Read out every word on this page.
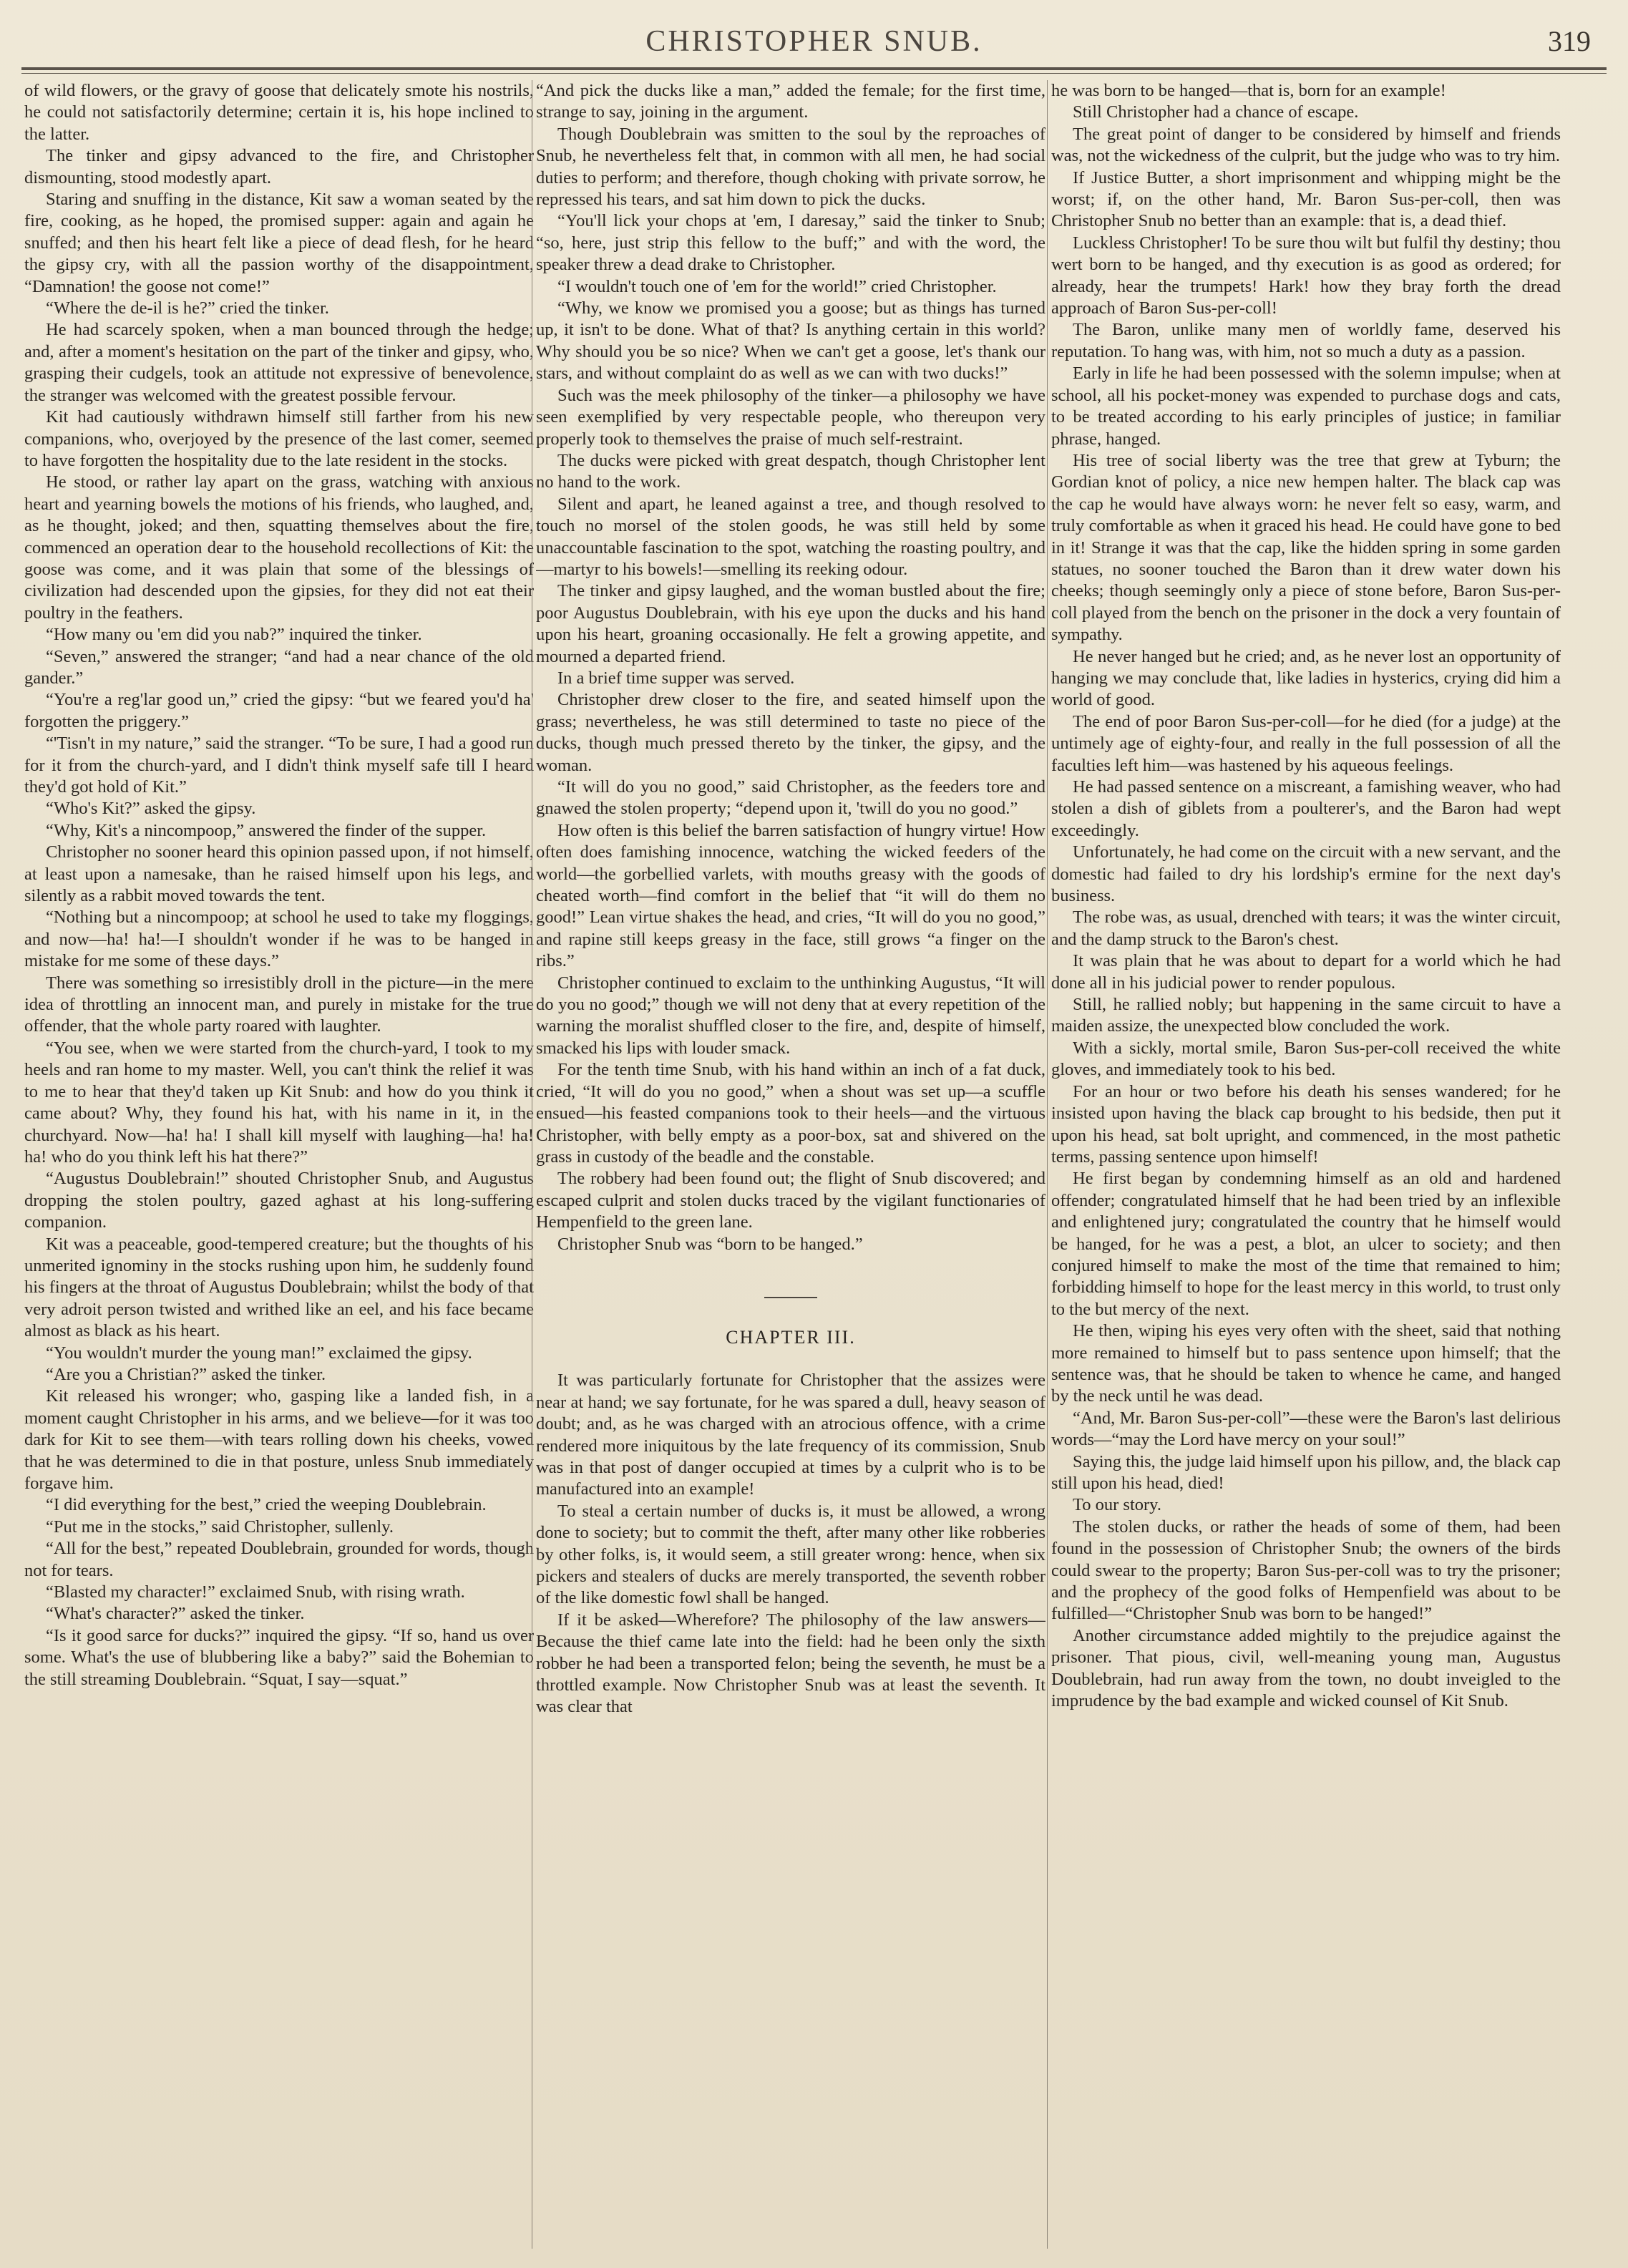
CHRISTOPHER SNUB.	319

of wild flowers, or the gravy of goose that delicately smote his nostrils, he could not satisfactorily determine; certain it is, his hope inclined to the latter.

The tinker and gipsy advanced to the fire, and Christopher dismounting, stood modestly apart.

Staring and snuffing in the distance, Kit saw a woman seated by the fire, cooking, as he hoped, the promised supper: again and again he snuffed; and then his heart felt like a piece of dead flesh, for he heard the gipsy cry, with all the passion worthy of the disappointment, “Damnation! the goose not come!”

“Where the de-il is he?” cried the tinker.

He had scarcely spoken, when a man bounced through the hedge; and, after a moment's hesitation on the part of the tinker and gipsy, who, grasping their cudgels, took an attitude not expressive of benevolence, the stranger was welcomed with the greatest possible fervour.

Kit had cautiously withdrawn himself still farther from his new companions, who, overjoyed by the presence of the last comer, seemed to have forgotten the hospitality due to the late resident in the stocks.

He stood, or rather lay apart on the grass, watching with anxious heart and yearning bowels the motions of his friends, who laughed, and, as he thought, joked; and then, squatting themselves about the fire, commenced an operation dear to the household recollections of Kit: the goose was come, and it was plain that some of the blessings of civilization had descended upon the gipsies, for they did not eat their poultry in the feathers.

“How many ou 'em did you nab?” inquired the tinker.

“Seven,” answered the stranger; “and had a near chance of the old gander.”

“You're a reg'lar good un,” cried the gipsy: “but we feared you'd ha' forgotten the priggery.”

“'Tisn't in my nature,” said the stranger. “To be sure, I had a good run for it from the church-yard, and I didn't think myself safe till I heard they'd got hold of Kit.”

“Who's Kit?” asked the gipsy.

“Why, Kit's a nincompoop,” answered the finder of the supper.

Christopher no sooner heard this opinion passed upon, if not himself, at least upon a namesake, than he raised himself upon his legs, and silently as a rabbit moved towards the tent.

“Nothing but a nincompoop; at school he used to take my floggings, and now—ha! ha!—I shouldn't wonder if he was to be hanged in mistake for me some of these days.”

There was something so irresistibly droll in the picture—in the mere idea of throttling an innocent man, and purely in mistake for the true offender, that the whole party roared with laughter.

“You see, when we were started from the church-yard, I took to my heels and ran home to my master. Well, you can't think the relief it was to me to hear that they'd taken up Kit Snub: and how do you think it came about? Why, they found his hat, with his name in it, in the churchyard. Now—ha! ha! I shall kill myself with laughing—ha! ha! ha! who do you think left his hat there?”

“Augustus Doublebrain!” shouted Christopher Snub, and Augustus dropping the stolen poultry, gazed aghast at his long-suffering companion.

Kit was a peaceable, good-tempered creature; but the thoughts of his unmerited ignominy in the stocks rushing upon him, he suddenly found his fingers at the throat of Augustus Doublebrain; whilst the body of that very adroit person twisted and writhed like an eel, and his face became almost as black as his heart.

“You wouldn't murder the young man!” exclaimed the gipsy.

“Are you a Christian?” asked the tinker.

Kit released his wronger; who, gasping like a landed fish, in a moment caught Christopher in his arms, and we believe—for it was too dark for Kit to see them—with tears rolling down his cheeks, vowed that he was determined to die in that posture, unless Snub immediately forgave him.

“I did everything for the best,” cried the weeping Doublebrain.

“Put me in the stocks,” said Christopher, sullenly.

“All for the best,” repeated Doublebrain, grounded for words, though not for tears.

“Blasted my character!” exclaimed Snub, with rising wrath.

“What's character?” asked the tinker.

“Is it good sarce for ducks?” inquired the gipsy. “If so, hand us over some. What's the use of blubbering like a baby?” said the Bohemian to the still streaming Doublebrain. “Squat, I say—squat.”

“And pick the ducks like a man,” added the female; for the first time, strange to say, joining in the argument.

Though Doublebrain was smitten to the soul by the reproaches of Snub, he nevertheless felt that, in common with all men, he had social duties to perform; and therefore, though choking with private sorrow, he repressed his tears, and sat him down to pick the ducks.

“You'll lick your chops at 'em, I daresay,” said the tinker to Snub; “so, here, just strip this fellow to the buff;” and with the word, the speaker threw a dead drake to Christopher.

“I wouldn't touch one of 'em for the world!” cried Christopher.

“Why, we know we promised you a goose; but as things has turned up, it isn't to be done. What of that? Is anything certain in this world? Why should you be so nice? When we can't get a goose, let's thank our stars, and without complaint do as well as we can with two ducks!”

Such was the meek philosophy of the tinker—a philosophy we have seen exemplified by very respectable people, who thereupon very properly took to themselves the praise of much self-restraint.

The ducks were picked with great despatch, though Christopher lent no hand to the work.

Silent and apart, he leaned against a tree, and though resolved to touch no morsel of the stolen goods, he was still held by some unaccountable fascination to the spot, watching the roasting poultry, and—martyr to his bowels!—smelling its reeking odour.

The tinker and gipsy laughed, and the woman bustled about the fire; poor Augustus Doublebrain, with his eye upon the ducks and his hand upon his heart, groaning occasionally. He felt a growing appetite, and mourned a departed friend.

In a brief time supper was served.

Christopher drew closer to the fire, and seated himself upon the grass; nevertheless, he was still determined to taste no piece of the ducks, though much pressed thereto by the tinker, the gipsy, and the woman.

“It will do you no good,” said Christopher, as the feeders tore and gnawed the stolen property; “depend upon it, 'twill do you no good.”

How often is this belief the barren satisfaction of hungry virtue! How often does famishing innocence, watching the wicked feeders of the world—the gorbellied varlets, with mouths greasy with the goods of cheated worth—find comfort in the belief that “it will do them no good!” Lean virtue shakes the head, and cries, “It will do you no good,” and rapine still keeps greasy in the face, still grows “a finger on the ribs.”

Christopher continued to exclaim to the unthinking Augustus, “It will do you no good;” though we will not deny that at every repetition of the warning the moralist shuffled closer to the fire, and, despite of himself, smacked his lips with louder smack.

For the tenth time Snub, with his hand within an inch of a fat duck, cried, “It will do you no good,” when a shout was set up—a scuffle ensued—his feasted companions took to their heels—and the virtuous Christopher, with belly empty as a poor-box, sat and shivered on the grass in custody of the beadle and the constable.

The robbery had been found out; the flight of Snub discovered; and escaped culprit and stolen ducks traced by the vigilant functionaries of Hempenfield to the green lane.

Christopher Snub was “born to be hanged.”

CHAPTER III.

It was particularly fortunate for Christopher that the assizes were near at hand; we say fortunate, for he was spared a dull, heavy season of doubt; and, as he was charged with an atrocious offence, with a crime rendered more iniquitous by the late frequency of its commission, Snub was in that post of danger occupied at times by a culprit who is to be manufactured into an example!

To steal a certain number of ducks is, it must be allowed, a wrong done to society; but to commit the theft, after many other like robberies by other folks, is, it would seem, a still greater wrong: hence, when six pickers and stealers of ducks are merely transported, the seventh robber of the like domestic fowl shall be hanged.

If it be asked—Wherefore? The philosophy of the law answers—Because the thief came late into the field: had he been only the sixth robber he had been a transported felon; being the seventh, he must be a throttled example. Now Christopher Snub was at least the seventh. It was clear that

he was born to be hanged—that is, born for an example!

Still Christopher had a chance of escape.

The great point of danger to be considered by himself and friends was, not the wickedness of the culprit, but the judge who was to try him.

If Justice Butter, a short imprisonment and whipping might be the worst; if, on the other hand, Mr. Baron Sus-per-coll, then was Christopher Snub no better than an example: that is, a dead thief.

Luckless Christopher! To be sure thou wilt but fulfil thy destiny; thou wert born to be hanged, and thy execution is as good as ordered; for already, hear the trumpets! Hark! how they bray forth the dread approach of Baron Sus-per-coll!

The Baron, unlike many men of worldly fame, deserved his reputation. To hang was, with him, not so much a duty as a passion.

Early in life he had been possessed with the solemn impulse; when at school, all his pocket-money was expended to purchase dogs and cats, to be treated according to his early principles of justice; in familiar phrase, hanged.

His tree of social liberty was the tree that grew at Tyburn; the Gordian knot of policy, a nice new hempen halter. The black cap was the cap he would have always worn: he never felt so easy, warm, and truly comfortable as when it graced his head. He could have gone to bed in it! Strange it was that the cap, like the hidden spring in some garden statues, no sooner touched the Baron than it drew water down his cheeks; though seemingly only a piece of stone before, Baron Sus-per-coll played from the bench on the prisoner in the dock a very fountain of sympathy.

He never hanged but he cried; and, as he never lost an opportunity of hanging we may conclude that, like ladies in hysterics, crying did him a world of good.

The end of poor Baron Sus-per-coll—for he died (for a judge) at the untimely age of eighty-four, and really in the full possession of all the faculties left him—was hastened by his aqueous feelings.

He had passed sentence on a miscreant, a famishing weaver, who had stolen a dish of giblets from a poulterer's, and the Baron had wept exceedingly.

Unfortunately, he had come on the circuit with a new servant, and the domestic had failed to dry his lordship's ermine for the next day's business.

The robe was, as usual, drenched with tears; it was the winter circuit, and the damp struck to the Baron's chest.

It was plain that he was about to depart for a world which he had done all in his judicial power to render populous.

Still, he rallied nobly; but happening in the same circuit to have a maiden assize, the unexpected blow concluded the work.

With a sickly, mortal smile, Baron Sus-per-coll received the white gloves, and immediately took to his bed.

For an hour or two before his death his senses wandered; for he insisted upon having the black cap brought to his bedside, then put it upon his head, sat bolt upright, and commenced, in the most pathetic terms, passing sentence upon himself!

He first began by condemning himself as an old and hardened offender; congratulated himself that he had been tried by an inflexible and enlightened jury; congratulated the country that he himself would be hanged, for he was a pest, a blot, an ulcer to society; and then conjured himself to make the most of the time that remained to him; forbidding himself to hope for the least mercy in this world, to trust only to the but mercy of the next.

He then, wiping his eyes very often with the sheet, said that nothing more remained to himself but to pass sentence upon himself; that the sentence was, that he should be taken to whence he came, and hanged by the neck until he was dead.

“And, Mr. Baron Sus-per-coll”—these were the Baron's last delirious words—“may the Lord have mercy on your soul!”

Saying this, the judge laid himself upon his pillow, and, the black cap still upon his head, died!

To our story.

The stolen ducks, or rather the heads of some of them, had been found in the possession of Christopher Snub; the owners of the birds could swear to the property; Baron Sus-per-coll was to try the prisoner; and the prophecy of the good folks of Hempenfield was about to be fulfilled—“Christopher Snub was born to be hanged!”

Another circumstance added mightily to the prejudice against the prisoner. That pious, civil, well-meaning young man, Augustus Doublebrain, had run away from the town, no doubt inveigled to the imprudence by the bad example and wicked counsel of Kit Snub.
